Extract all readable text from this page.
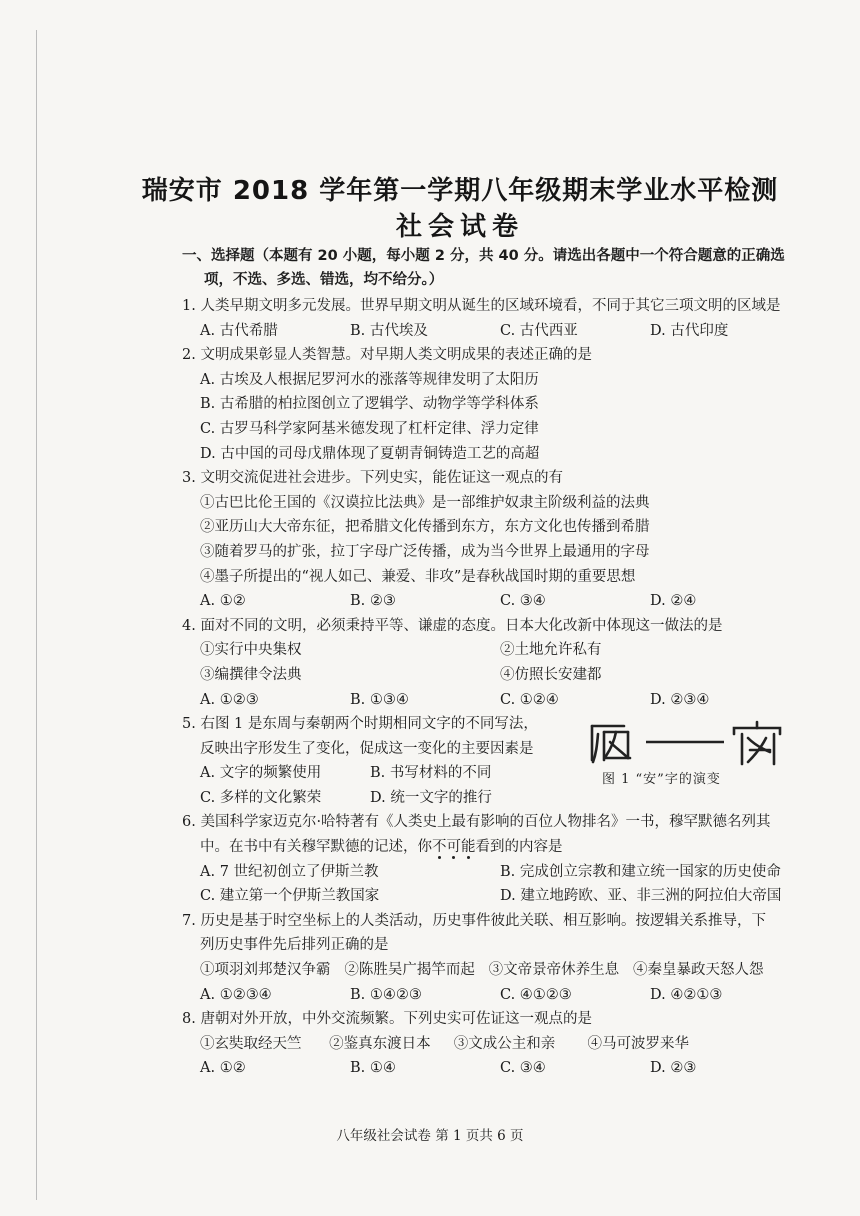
瑞安市 2018 学年第一学期八年级期末学业水平检测
社会试卷
一、选择题（本题有 20 小题，每小题 2 分，共 40 分。请选出各题中一个符合题意的正确选
项，不选、多选、错选，均不给分。）
1. 人类早期文明多元发展。世界早期文明从诞生的区域环境看，不同于其它三项文明的区域是
A. 古代希腊	B. 古代埃及	C. 古代西亚	D. 古代印度
2. 文明成果彰显人类智慧。对早期人类文明成果的表述正确的是
A. 古埃及人根据尼罗河水的涨落等规律发明了太阳历
B. 古希腊的柏拉图创立了逻辑学、动物学等学科体系
C. 古罗马科学家阿基米德发现了杠杆定律、浮力定律
D. 古中国的司母戊鼎体现了夏朝青铜铸造工艺的高超
3. 文明交流促进社会进步。下列史实，能佐证这一观点的有
①古巴比伦王国的《汉谟拉比法典》是一部维护奴隶主阶级利益的法典
②亚历山大大帝东征，把希腊文化传播到东方，东方文化也传播到希腊
③随着罗马的扩张，拉丁字母广泛传播，成为当今世界上最通用的字母
④墨子所提出的“视人如己、兼爱、非攻”是春秋战国时期的重要思想
A. ①②	B. ②③	C. ③④	D. ②④
4. 面对不同的文明，必须秉持平等、谦虚的态度。日本大化改新中体现这一做法的是
①实行中央集权	②土地允许私有
③编撰律令法典	④仿照长安建都
A. ①②③	B. ①③④	C. ①②④	D. ②③④
5. 右图 1 是东周与秦朝两个时期相同文字的不同写法，
反映出字形发生了变化，促成这一变化的主要因素是
A. 文字的频繁使用	B. 书写材料的不同
C. 多样的文化繁荣	D. 统一文字的推行
图 1 “安”字的演变
6. 美国科学家迈克尔·哈特著有《人类史上最有影响的百位人物排名》一书，穆罕默德名列其
中。在书中有关穆罕默德的记述，你不可能看到的内容是
A. 7 世纪初创立了伊斯兰教	B. 完成创立宗教和建立统一国家的历史使命
C. 建立第一个伊斯兰教国家	D. 建立地跨欧、亚、非三洲的阿拉伯大帝国
7. 历史是基于时空坐标上的人类活动，历史事件彼此关联、相互影响。按逻辑关系推导，下
列历史事件先后排列正确的是
①项羽刘邦楚汉争霸   ②陈胜吴广揭竿而起   ③文帝景帝休养生息   ④秦皇暴政天怒人怨
A. ①②③④	B. ①④②③	C. ④①②③	D. ④②①③
8. 唐朝对外开放，中外交流频繁。下列史实可佐证这一观点的是
①玄奘取经天竺      ②鉴真东渡日本     ③文成公主和亲       ④马可波罗来华
A. ①②	B. ①④	C. ③④	D. ②③
八年级社会试卷 第 1 页共 6 页
